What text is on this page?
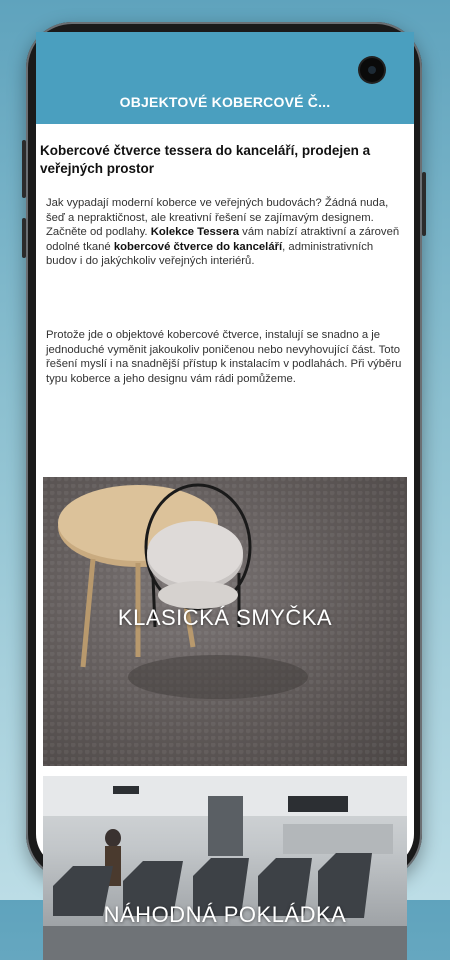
OBJEKTOVÉ KOBERCOVÉ Č...
Kobercové čtverce tessera do kanceláří, prodejen a veřejných prostor
Jak vypadají moderní koberce ve veřejných budovách? Žádná nuda, šeď a nepraktičnost, ale kreativní řešení se zajímavým designem. Začněte od podlahy. Kolekce Tessera vám nabízí atraktivní a zároveň odolné tkané kobercové čtverce do kanceláří, administrativních budov i do jakýchkoliv veřejných interiérů.
Protože jde o objektové kobercové čtverce, instalují se snadno a je jednoduché vyměnit jakoukoliv poničenou nebo nevyhovující část. Toto řešení myslí i na snadnější přístup k instalacím v podlahách. Při výběru typu koberce a jeho designu vám rádi pomůžeme.
KLASICKÁ SMYČKA
NÁHODNÁ POKLÁDKA
